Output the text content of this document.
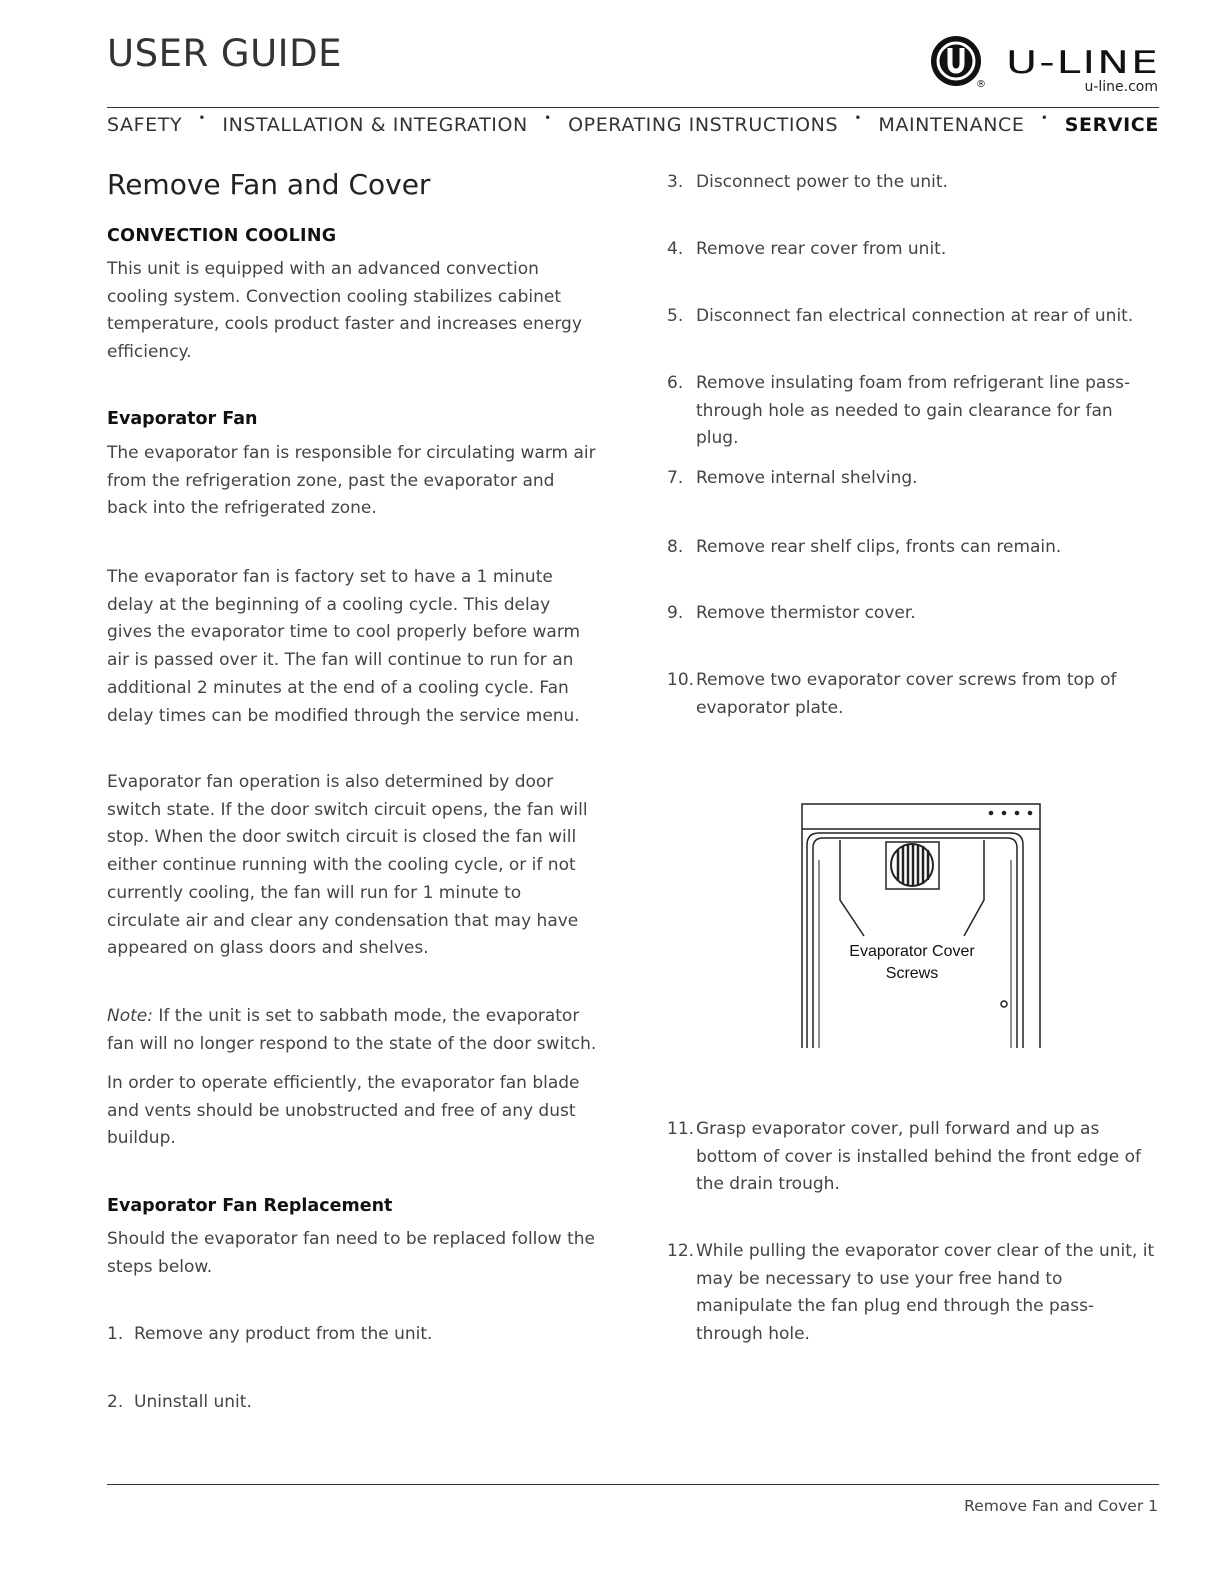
USER GUIDE
®
U-LINE
u-line.com
SAFETY • INSTALLATION & INTEGRATION • OPERATING INSTRUCTIONS • MAINTENANCE • SERVICE
Remove Fan and Cover
CONVECTION COOLING
This unit is equipped with an advanced convection cooling system. Convection cooling stabilizes cabinet temperature, cools product faster and increases energy efficiency.
Evaporator Fan
The evaporator fan is responsible for circulating warm air from the refrigeration zone, past the evaporator and back into the refrigerated zone.
The evaporator fan is factory set to have a 1 minute delay at the beginning of a cooling cycle. This delay gives the evaporator time to cool properly before warm air is passed over it. The fan will continue to run for an additional 2 minutes at the end of a cooling cycle. Fan delay times can be modified through the service menu.
Evaporator fan operation is also determined by door switch state. If the door switch circuit opens, the fan will stop. When the door switch circuit is closed the fan will either continue running with the cooling cycle, or if not currently cooling, the fan will run for 1 minute to circulate air and clear any condensation that may have appeared on glass doors and shelves.
Note: If the unit is set to sabbath mode, the evaporator fan will no longer respond to the state of the door switch.
In order to operate efficiently, the evaporator fan blade and vents should be unobstructed and free of any dust buildup.
Evaporator Fan Replacement
Should the evaporator fan need to be replaced follow the steps below.
1. Remove any product from the unit.
2. Uninstall unit.
3. Disconnect power to the unit.
4. Remove rear cover from unit.
5. Disconnect fan electrical connection at rear of unit.
6. Remove insulating foam from refrigerant line pass-through hole as needed to gain clearance for fan plug.
7. Remove internal shelving.
8. Remove rear shelf clips, fronts can remain.
9. Remove thermistor cover.
10. Remove two evaporator cover screws from top of evaporator plate.
Evaporator Cover
Screws
11. Grasp evaporator cover, pull forward and up as bottom of cover is installed behind the front edge of the drain trough.
12. While pulling the evaporator cover clear of the unit, it may be necessary to use your free hand to manipulate the fan plug end through the pass-through hole.
Remove Fan and Cover 1
